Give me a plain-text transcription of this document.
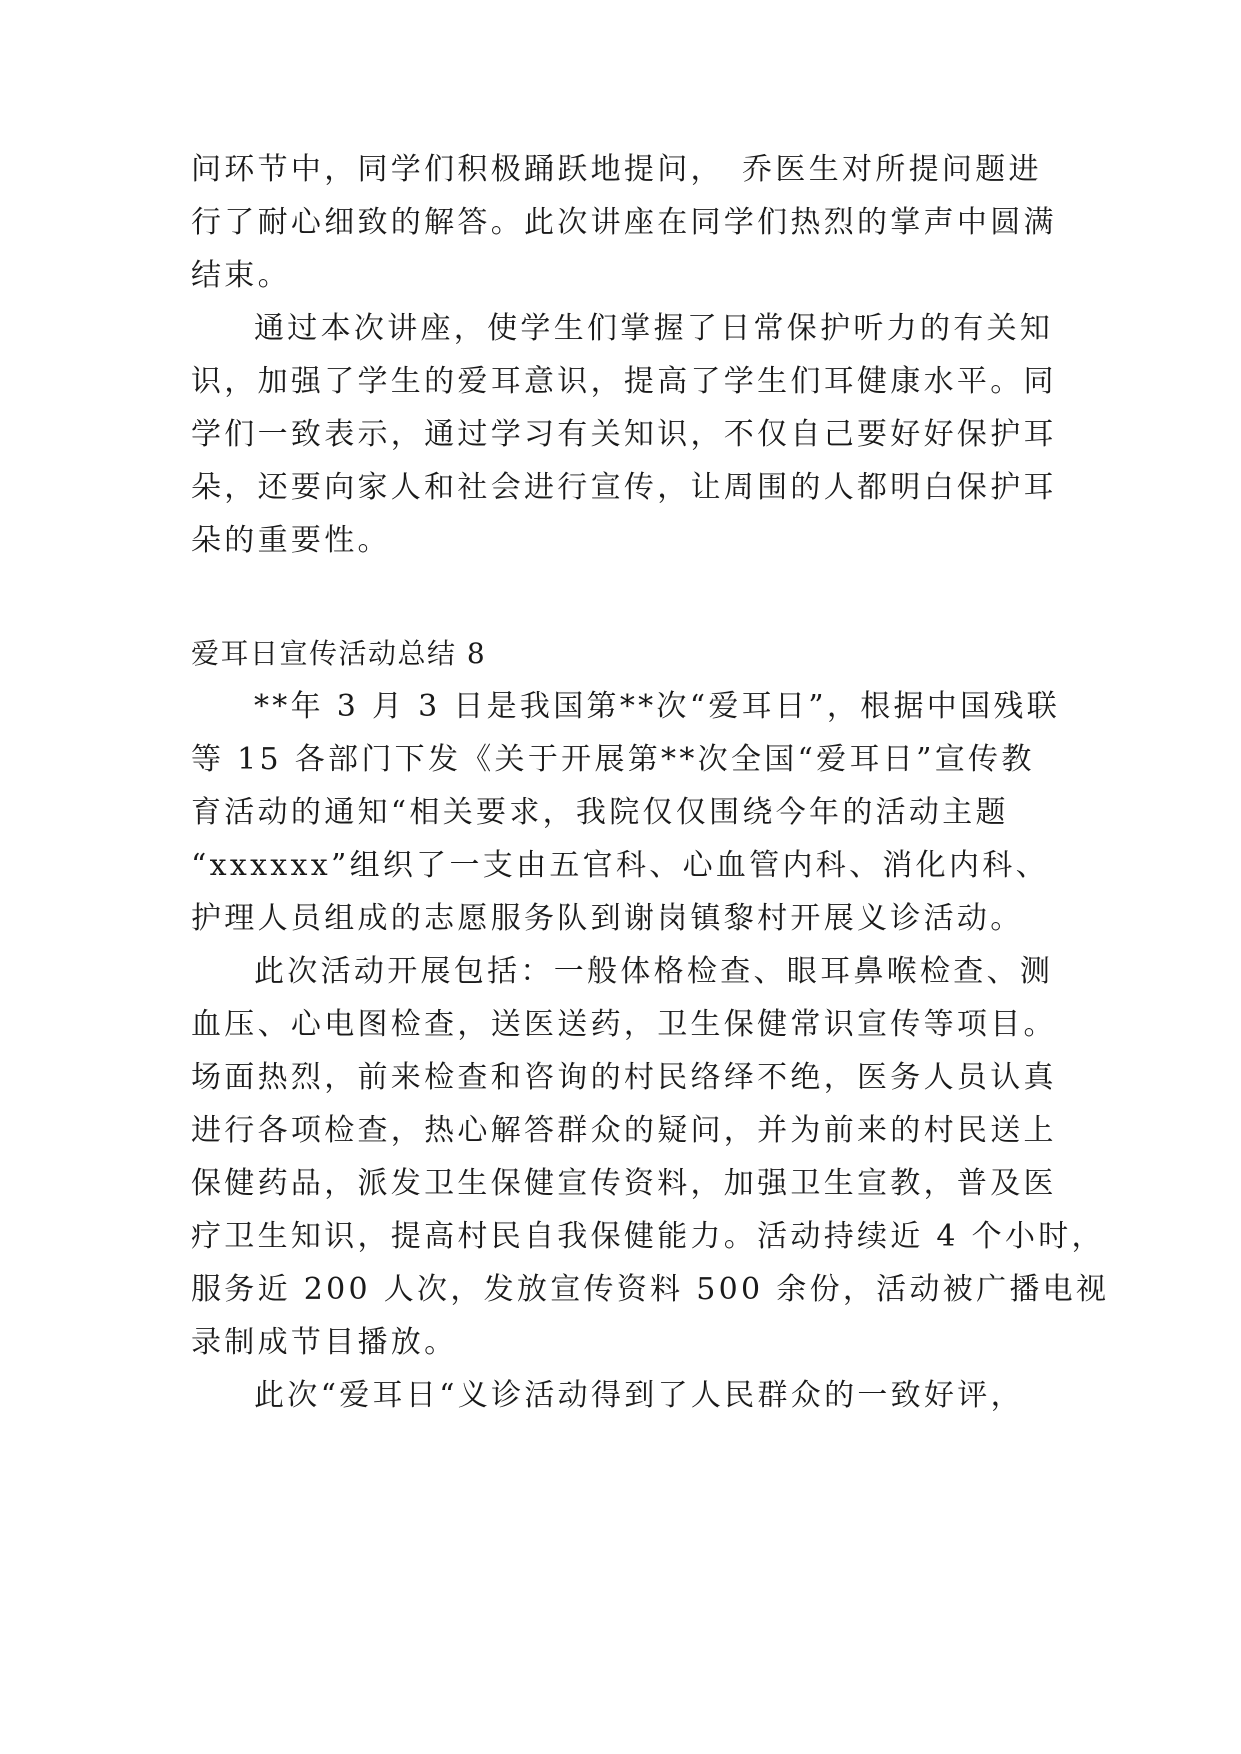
问环节中，同学们积极踊跃地提问，　乔医生对所提问题进
行了耐心细致的解答。此次讲座在同学们热烈的掌声中圆满
结束。
通过本次讲座，使学生们掌握了日常保护听力的有关知
识，加强了学生的爱耳意识，提高了学生们耳健康水平。同
学们一致表示，通过学习有关知识，不仅自己要好好保护耳
朵，还要向家人和社会进行宣传，让周围的人都明白保护耳
朵的重要性。
爱耳日宣传活动总结 8
**年 3 月 3 日是我国第**次“爱耳日”，根据中国残联
等 15 各部门下发《关于开展第**次全国“爱耳日”宣传教
育活动的通知“相关要求，我院仅仅围绕今年的活动主题
“xxxxxx”组织了一支由五官科、心血管内科、消化内科、
护理人员组成的志愿服务队到谢岗镇黎村开展义诊活动。
此次活动开展包括：一般体格检查、眼耳鼻喉检查、测
血压、心电图检查，送医送药，卫生保健常识宣传等项目。
场面热烈，前来检查和咨询的村民络绎不绝，医务人员认真
进行各项检查，热心解答群众的疑问，并为前来的村民送上
保健药品，派发卫生保健宣传资料，加强卫生宣教，普及医
疗卫生知识，提高村民自我保健能力。活动持续近 4 个小时，
服务近 200 人次，发放宣传资料 500 余份，活动被广播电视
录制成节目播放。
此次“爱耳日“义诊活动得到了人民群众的一致好评，
